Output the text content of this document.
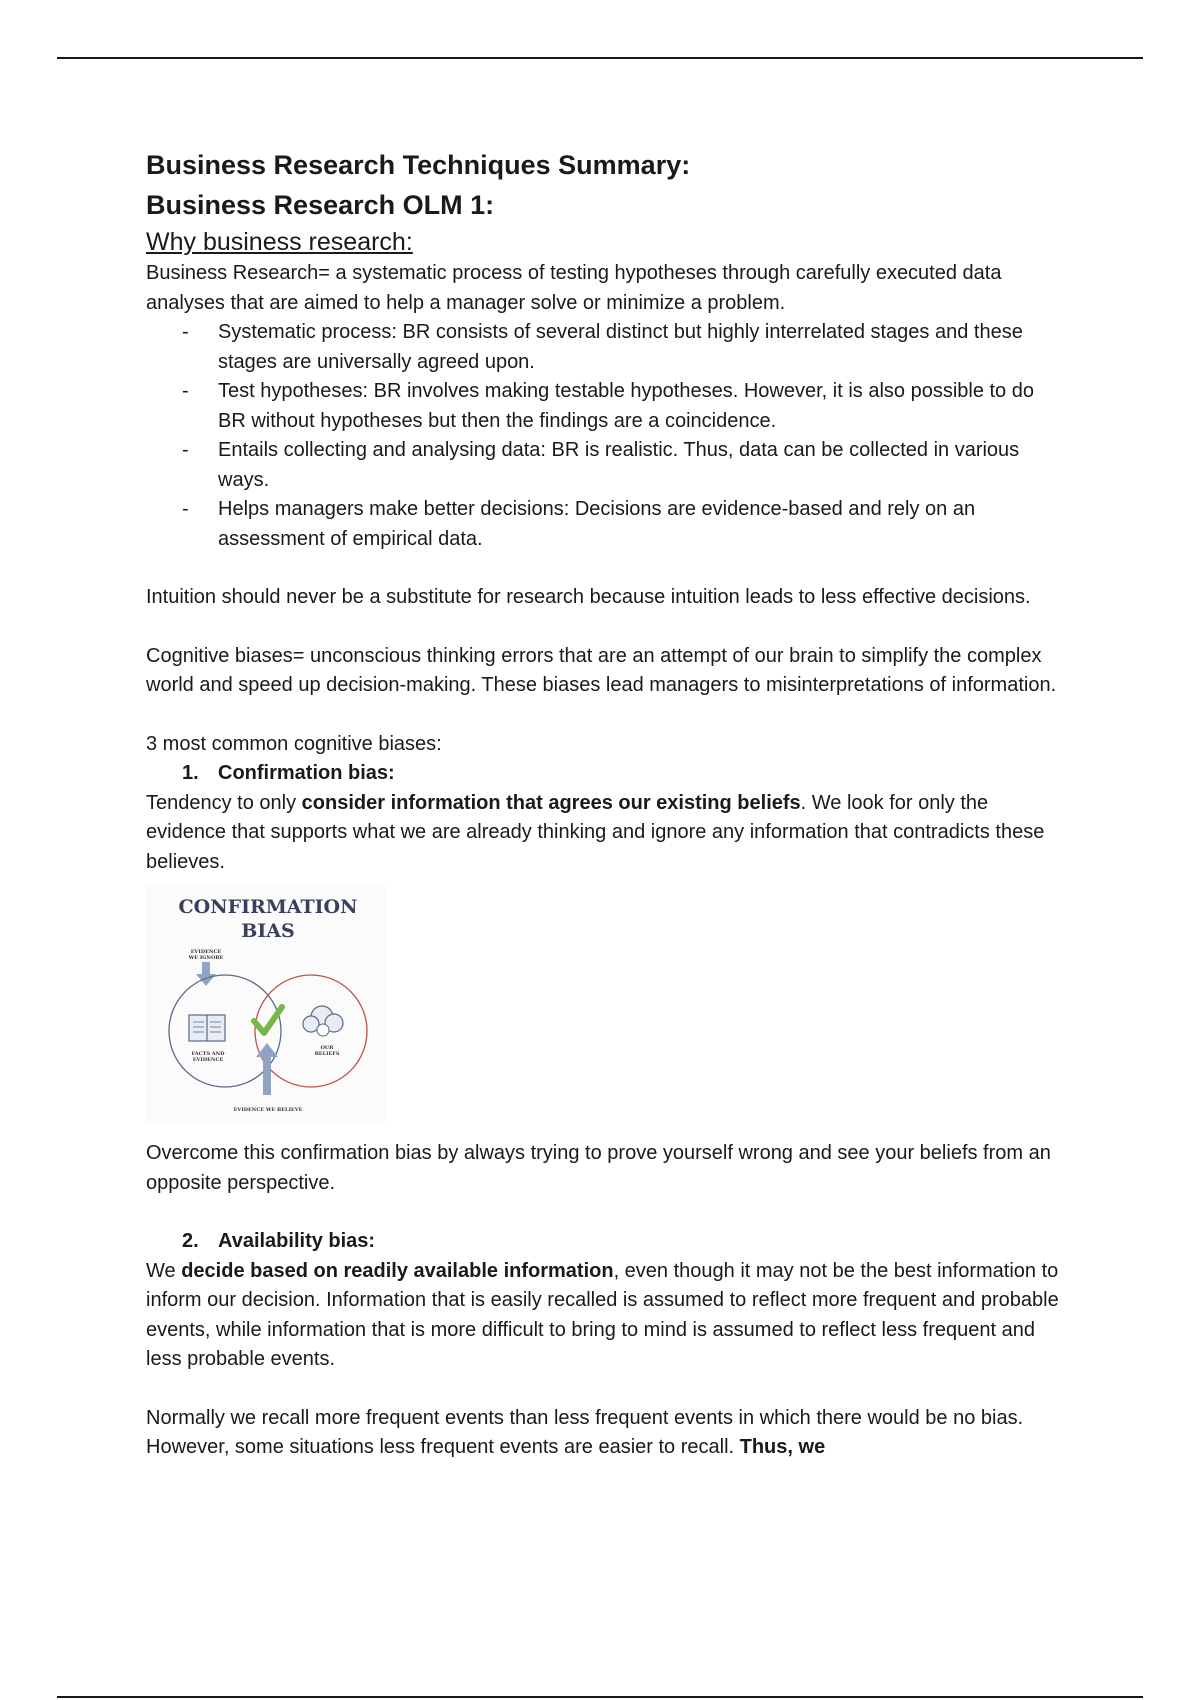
Business Research Techniques Summary:
Business Research OLM 1:
Why business research:

Business Research= a systematic process of testing hypotheses through carefully executed data analyses that are aimed to help a manager solve or minimize a problem.

- Systematic process: BR consists of several distinct but highly interrelated stages and these stages are universally agreed upon.
- Test hypotheses: BR involves making testable hypotheses. However, it is also possible to do BR without hypotheses but then the findings are a coincidence.
- Entails collecting and analysing data: BR is realistic. Thus, data can be collected in various ways.
- Helps managers make better decisions: Decisions are evidence-based and rely on an assessment of empirical data.

Intuition should never be a substitute for research because intuition leads to less effective decisions.

Cognitive biases= unconscious thinking errors that are an attempt of our brain to simplify the complex world and speed up decision-making. These biases lead managers to misinterpretations of information.

3 most common cognitive biases:

1. Confirmation bias:

Tendency to only consider information that agrees our existing beliefs. We look for only the evidence that supports what we are already thinking and ignore any information that contradicts these believes.

CONFIRMATION
BIAS
EVIDENCE
WE IGNORE
FACTS AND
EVIDENCE
OUR
BELIEFS
EVIDENCE WE BELIEVE

Overcome this confirmation bias by always trying to prove yourself wrong and see your beliefs from an opposite perspective.

2. Availability bias:

We decide based on readily available information, even though it may not be the best information to inform our decision. Information that is easily recalled is assumed to reflect more frequent and probable events, while information that is more difficult to bring to mind is assumed to reflect less frequent and less probable events.

Normally we recall more frequent events than less frequent events in which there would be no bias. However, some situations less frequent events are easier to recall. Thus, we
